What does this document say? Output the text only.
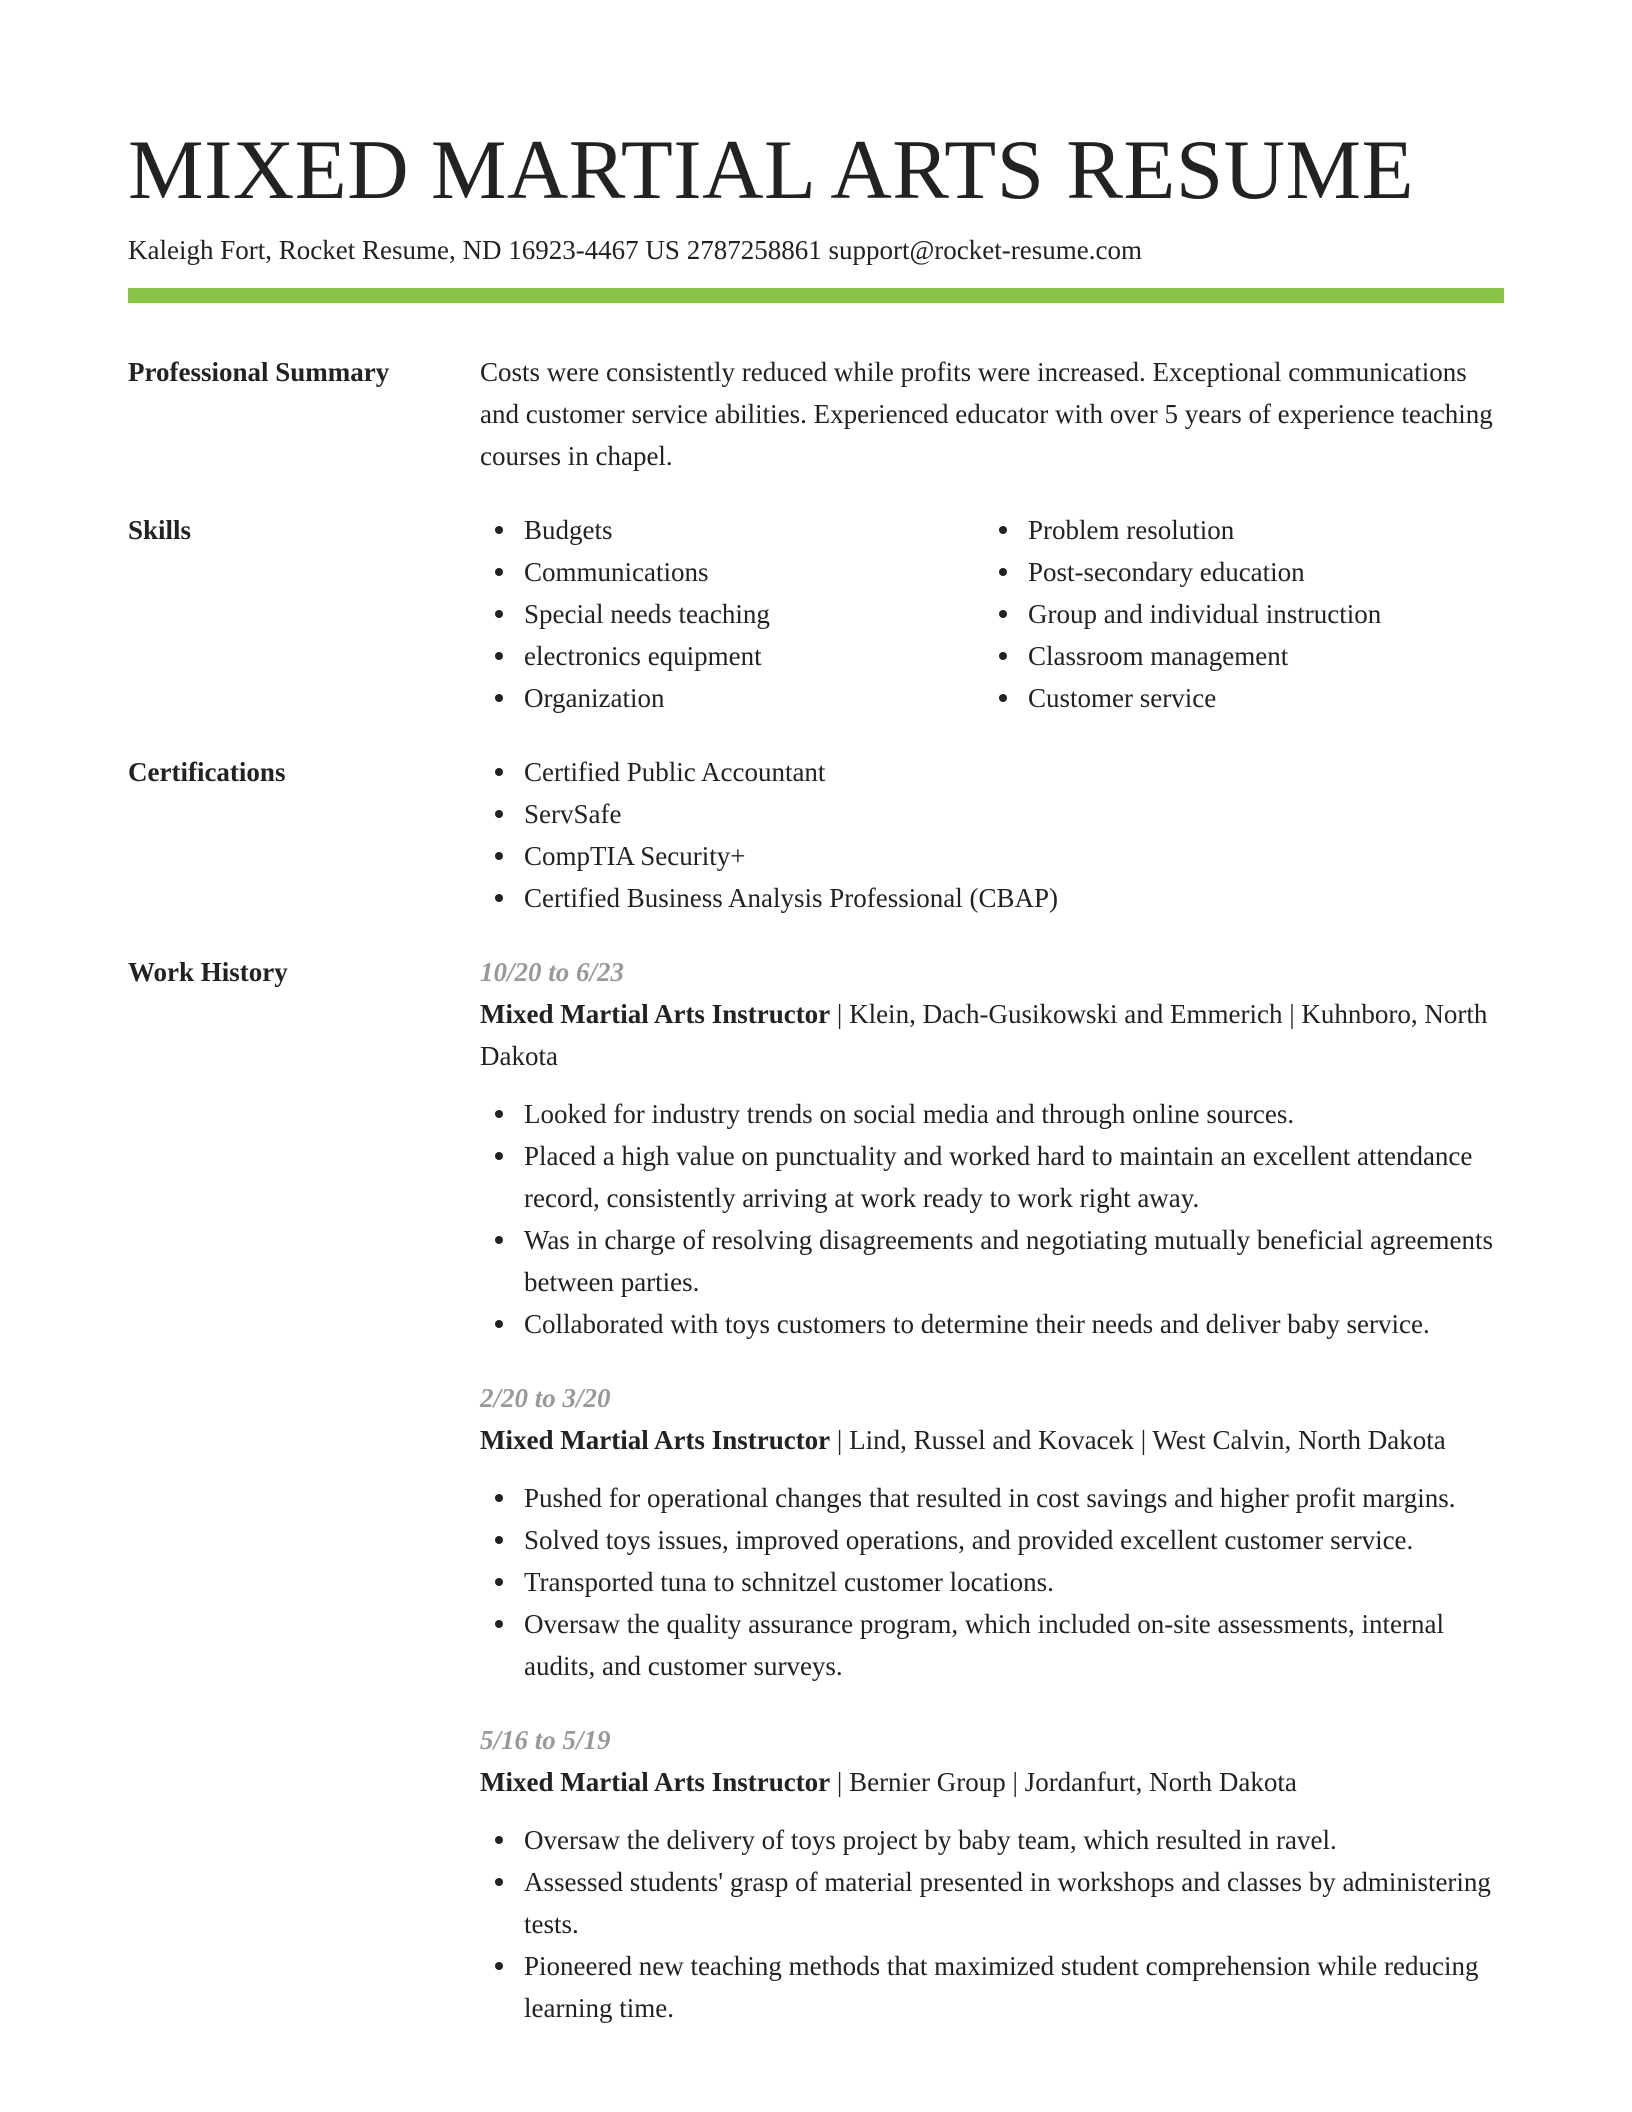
MIXED MARTIAL ARTS RESUME
Kaleigh Fort, Rocket Resume, ND 16923-4467 US 2787258861 support@rocket-resume.com
Professional Summary	Costs were consistently reduced while profits were increased. Exceptional communications and customer service abilities. Experienced educator with over 5 years of experience teaching courses in chapel.
Skills	Budgets
Communications
Special needs teaching
electronics equipment
Organization
Problem resolution
Post-secondary education
Group and individual instruction
Classroom management
Customer service
Certifications	Certified Public Accountant
ServSafe
CompTIA Security+
Certified Business Analysis Professional (CBAP)
Work History	10/20 to 6/23
Mixed Martial Arts Instructor | Klein, Dach-Gusikowski and Emmerich | Kuhnboro, North Dakota
Looked for industry trends on social media and through online sources.
Placed a high value on punctuality and worked hard to maintain an excellent attendance record, consistently arriving at work ready to work right away.
Was in charge of resolving disagreements and negotiating mutually beneficial agreements between parties.
Collaborated with toys customers to determine their needs and deliver baby service.
2/20 to 3/20
Mixed Martial Arts Instructor | Lind, Russel and Kovacek | West Calvin, North Dakota
Pushed for operational changes that resulted in cost savings and higher profit margins.
Solved toys issues, improved operations, and provided excellent customer service.
Transported tuna to schnitzel customer locations.
Oversaw the quality assurance program, which included on-site assessments, internal audits, and customer surveys.
5/16 to 5/19
Mixed Martial Arts Instructor | Bernier Group | Jordanfurt, North Dakota
Oversaw the delivery of toys project by baby team, which resulted in ravel.
Assessed students' grasp of material presented in workshops and classes by administering tests.
Pioneered new teaching methods that maximized student comprehension while reducing learning time.
